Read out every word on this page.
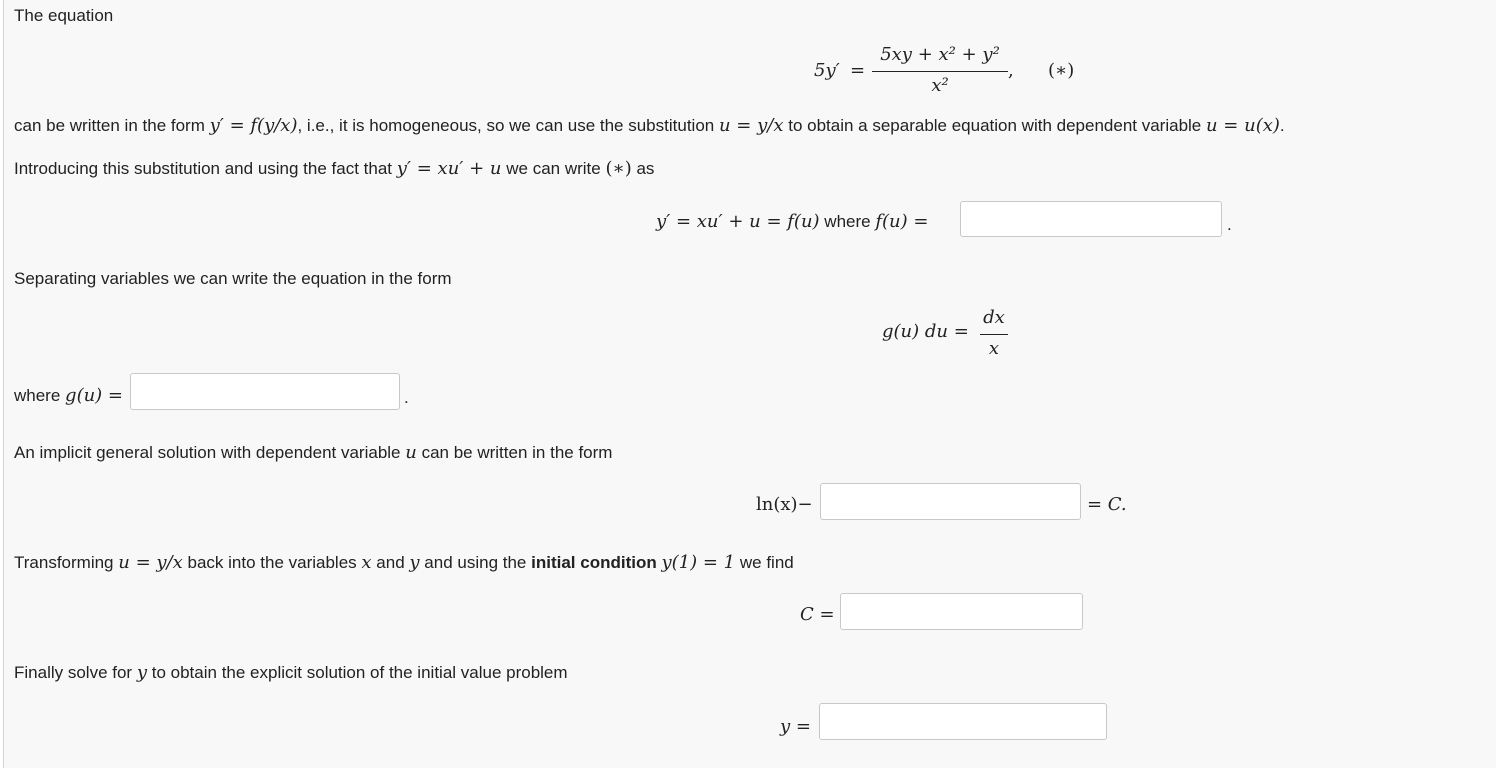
The equation
5y′ =
5xy + x² + y²
x²
, (∗)
can be written in the form y′ = f(y/x), i.e., it is homogeneous, so we can use the substitution u = y/x to obtain a separable equation with dependent variable u = u(x).
Introducing this substitution and using the fact that y′ = xu′ + u we can write (∗) as
y′ = xu′ + u = f(u) where f(u) =	.
Separating variables we can write the equation in the form
g(u) du =
dx
x
where g(u) =	.
An implicit general solution with dependent variable u can be written in the form
ln(x)−	= C.
Transforming u = y/x back into the variables x and y and using the initial condition y(1) = 1 we find
C =
Finally solve for y to obtain the explicit solution of the initial value problem
y =
